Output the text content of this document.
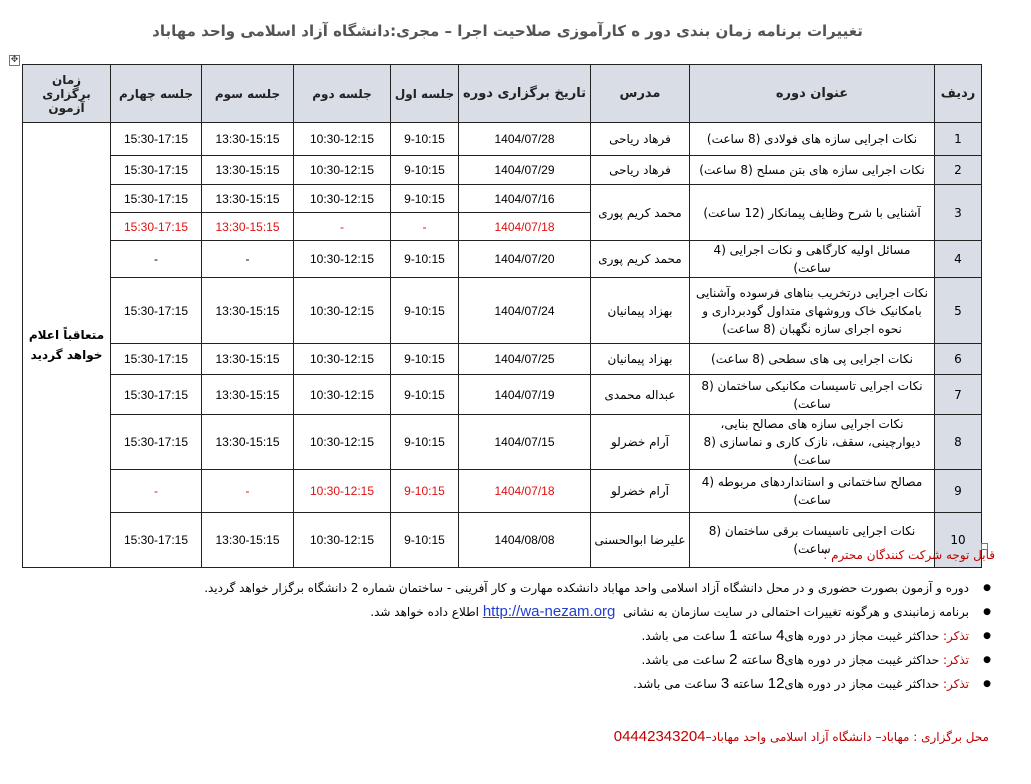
تغییرات برنامه زمان بندی دور ه کارآموزی صلاحیت اجرا – مجری:دانشگاه آزاد اسلامی واحد مهاباد
✥
ردیف	عنوان دوره	مدرس	تاریخ برگزاری دوره	جلسه اول	جلسه دوم	جلسه سوم	جلسه چهارم	زمان برگزاری آزمون
1	نکات اجرایی سازه های فولادی (8 ساعت)	فرهاد ریاحی	1404/07/28	9-10:15	10:30-12:15	13:30-15:15	15:30-17:15	متعاقباً اعلام خواهد گردید
2	نکات اجرایی سازه های بتن مسلح (8 ساعت)	فرهاد ریاحی	1404/07/29	9-10:15	10:30-12:15	13:30-15:15	15:30-17:15	
3	آشنایی با شرح وظایف پیمانکار (12 ساعت)	محمد کریم پوری	1404/07/16	9-10:15	10:30-12:15	13:30-15:15	15:30-17:15	
			1404/07/18	-	-	13:30-15:15	15:30-17:15	
4	مسائل اولیه کارگاهی و نکات اجرایی (4 ساعت)	محمد کریم پوری	1404/07/20	9-10:15	10:30-12:15	-	-	
5	نکات اجرایی درتخریب بناهای فرسوده وآشنایی بامکانیک خاک وروشهای متداول گودبرداری و نحوه اجرای سازه نگهبان (8 ساعت)	بهزاد پیمانیان	1404/07/24	9-10:15	10:30-12:15	13:30-15:15	15:30-17:15	
6	نکات اجرایی پی های سطحی (8 ساعت)	بهزاد پیمانیان	1404/07/25	9-10:15	10:30-12:15	13:30-15:15	15:30-17:15	
7	نکات اجرایی تاسیسات مکانیکی ساختمان (8 ساعت)	عبداله محمدی	1404/07/19	9-10:15	10:30-12:15	13:30-15:15	15:30-17:15	
8	نکات اجرایی سازه های مصالح بنایی، دیوارچینی، سقف، نازک کاری و نماسازی (8 ساعت)	آرام خضرلو	1404/07/15	9-10:15	10:30-12:15	13:30-15:15	15:30-17:15	
9	مصالح ساختمانی و استانداردهای مربوطه (4 ساعت)	آرام خضرلو	1404/07/18	9-10:15	10:30-12:15	-	-	
10	نکات اجرایی تاسیسات برقی ساختمان (8 ساعت)	علیرضا ابوالحسنی	1404/08/08	9-10:15	10:30-12:15	13:30-15:15	15:30-17:15	
قابل توجه شرکت کنندگان محترم :
● دوره و آزمون بصورت حضوری و در محل دانشگاه آزاد اسلامی واحد مهاباد دانشکده مهارت و کار آفرینی - ساختمان شماره 2 دانشگاه برگزار خواهد گردید.
● برنامه زمانبندی و هرگونه تغییرات احتمالی در سایت سازمان به نشانی  http://wa-nezam.org اطلاع داده خواهد شد.
● تذکر: حداکثر غیبت مجاز در دوره های4 ساعته 1 ساعت می باشد.
● تذکر: حداکثر غیبت مجاز در دوره های8 ساعته 2 ساعت می باشد.
● تذکر: حداکثر غیبت مجاز در دوره های12 ساعته 3 ساعت می باشد.
محل برگزاری : مهاباد– دانشگاه آزاد اسلامی واحد مهاباد–04442343204
